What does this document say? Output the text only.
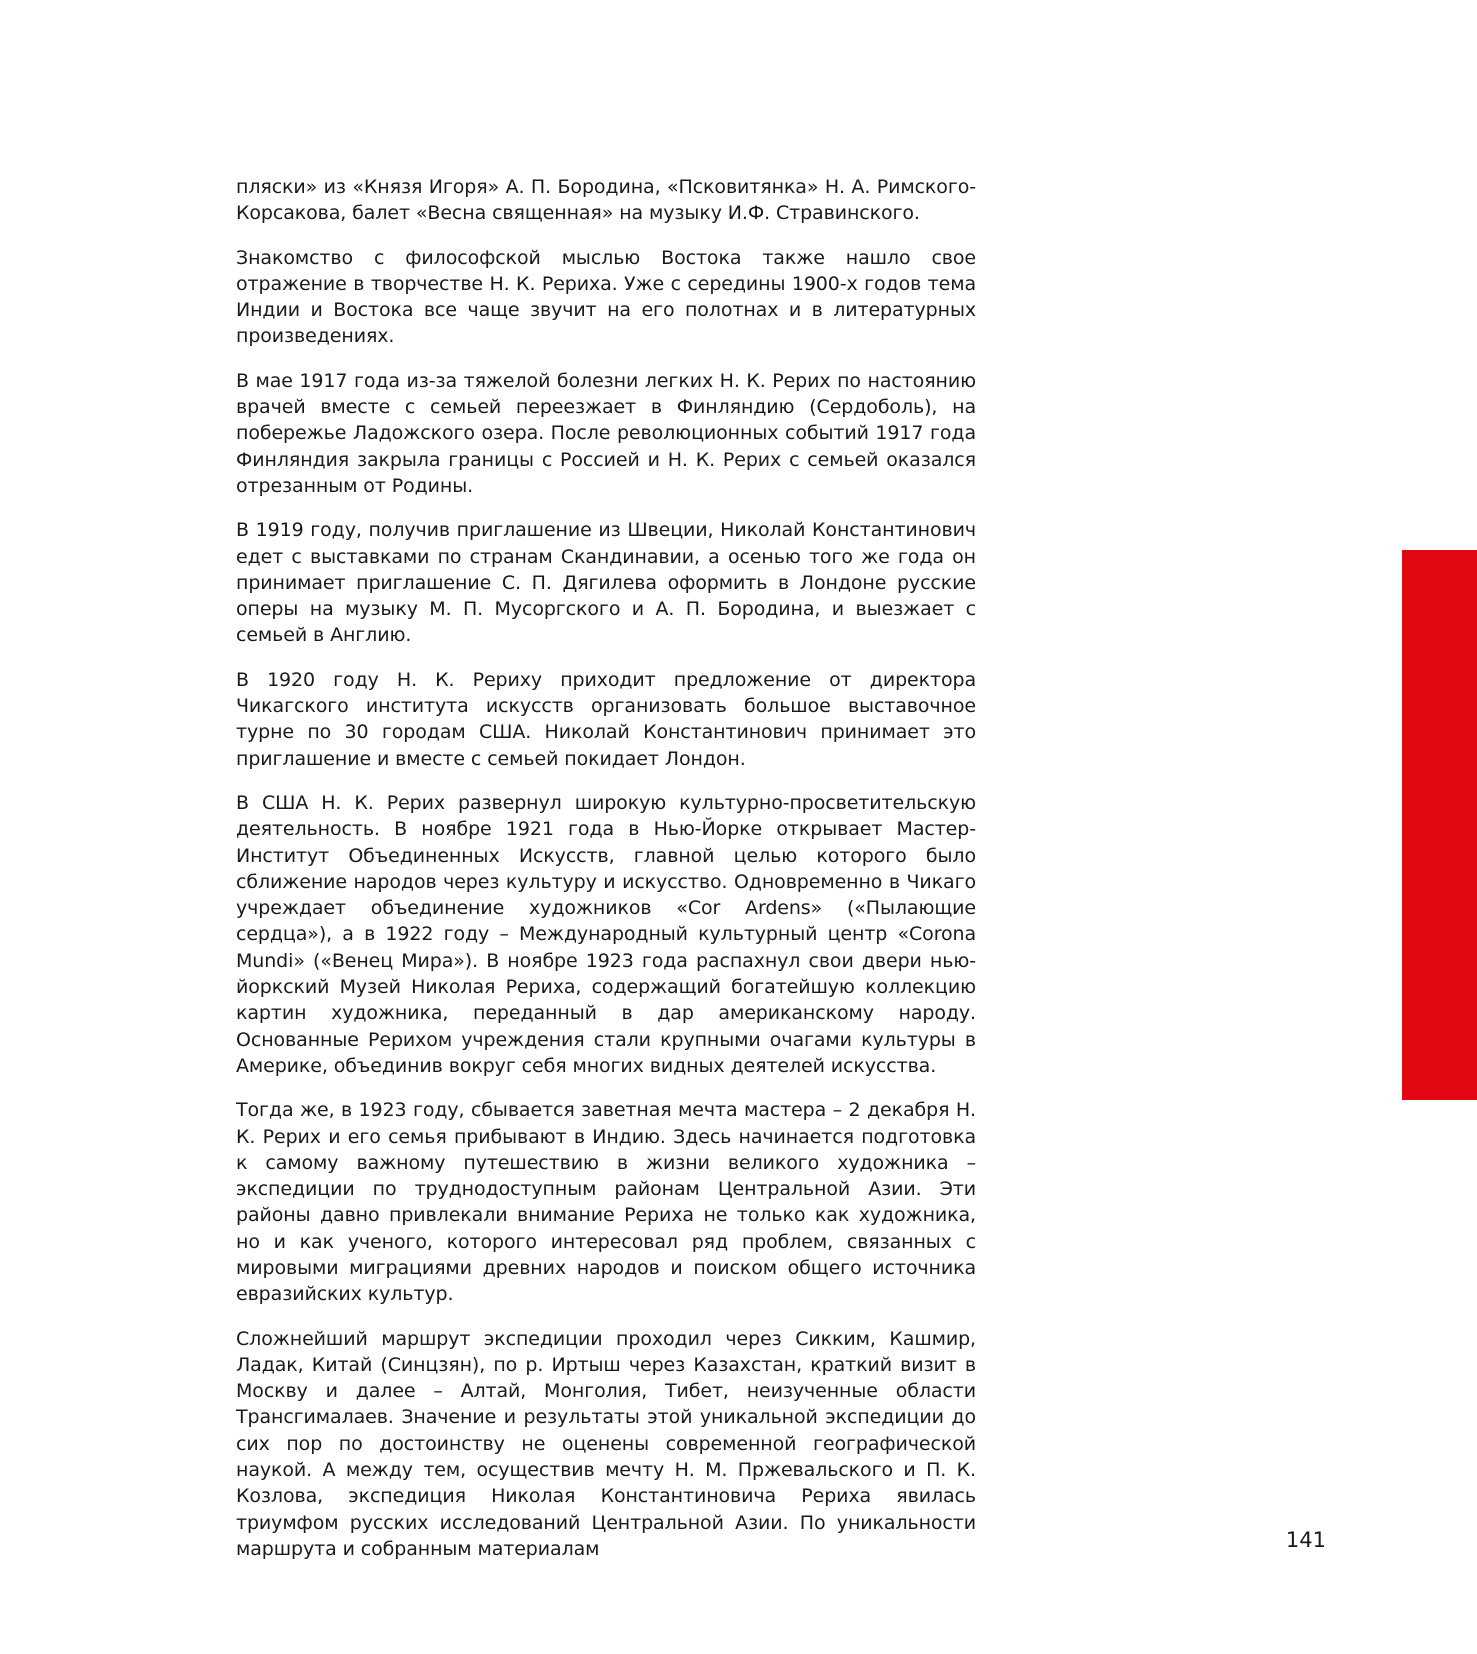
пляски» из «Князя Игоря» А. П. Бородина, «Псковитянка» Н. А. Римского-Корсакова, балет «Весна священная» на музыку И.Ф. Стравинского.

Знакомство с философской мыслью Востока также нашло свое отражение в творчестве Н. К. Рериха. Уже с середины 1900-х годов тема Индии и Востока все чаще звучит на его полотнах и в литературных произведениях.

В мае 1917 года из-за тяжелой болезни легких Н. К. Рерих по настоянию врачей вместе с семьей переезжает в Финляндию (Сердоболь), на побережье Ладожского озера. После революционных событий 1917 года Финляндия закрыла границы с Россией и Н. К. Рерих с семьей оказался отрезанным от Родины.

В 1919 году, получив приглашение из Швеции, Николай Константинович едет с выставками по странам Скандинавии, а осенью того же года он принимает приглашение С. П. Дягилева оформить в Лондоне русские оперы на музыку М. П. Мусоргского и А. П. Бородина, и выезжает с семьей в Англию.

В 1920 году Н. К. Рериху приходит предложение от директора Чикагского института искусств организовать большое выставочное турне по 30 городам США. Николай Константинович принимает это приглашение и вместе с семьей покидает Лондон.

В США Н. К. Рерих развернул широкую культурно-просветительскую деятельность. В ноябре 1921 года в Нью-Йорке открывает Мастер-Институт Объединенных Искусств, главной целью которого было сближение народов через культуру и искусство. Одновременно в Чикаго учреждает объединение художников «Cor Ardens» («Пылающие сердца»), а в 1922 году – Международный культурный центр «Corona Mundi» («Венец Мира»). В ноябре 1923 года распахнул свои двери нью-йоркский Музей Николая Рериха, содержащий богатейшую коллекцию картин художника, переданный в дар американскому народу. Основанные Рерихом учреждения стали крупными очагами культуры в Америке, объединив вокруг себя многих видных деятелей искусства.

Тогда же, в 1923 году, сбывается заветная мечта мастера – 2 декабря Н. К. Рерих и его семья прибывают в Индию. Здесь начинается подготовка к самому важному путешествию в жизни великого художника – экспедиции по труднодоступным районам Центральной Азии. Эти районы давно привлекали внимание Рериха не только как художника, но и как ученого, которого интересовал ряд проблем, связанных с мировыми миграциями древних народов и поиском общего источника евразийских культур.

Сложнейший маршрут экспедиции проходил через Сикким, Кашмир, Ладак, Китай (Синцзян), по р. Иртыш через Казахстан, краткий визит в Москву и далее – Алтай, Монголия, Тибет, неизученные области Трансгималаев. Значение и результаты этой уникальной экспедиции до сих пор по достоинству не оценены современной географической наукой. А между тем, осуществив мечту Н. М. Пржевальского и П. К. Козлова, экспедиция Николая Константиновича Рериха явилась триумфом русских исследований Центральной Азии. По уникальности маршрута и собранным материалам	141
